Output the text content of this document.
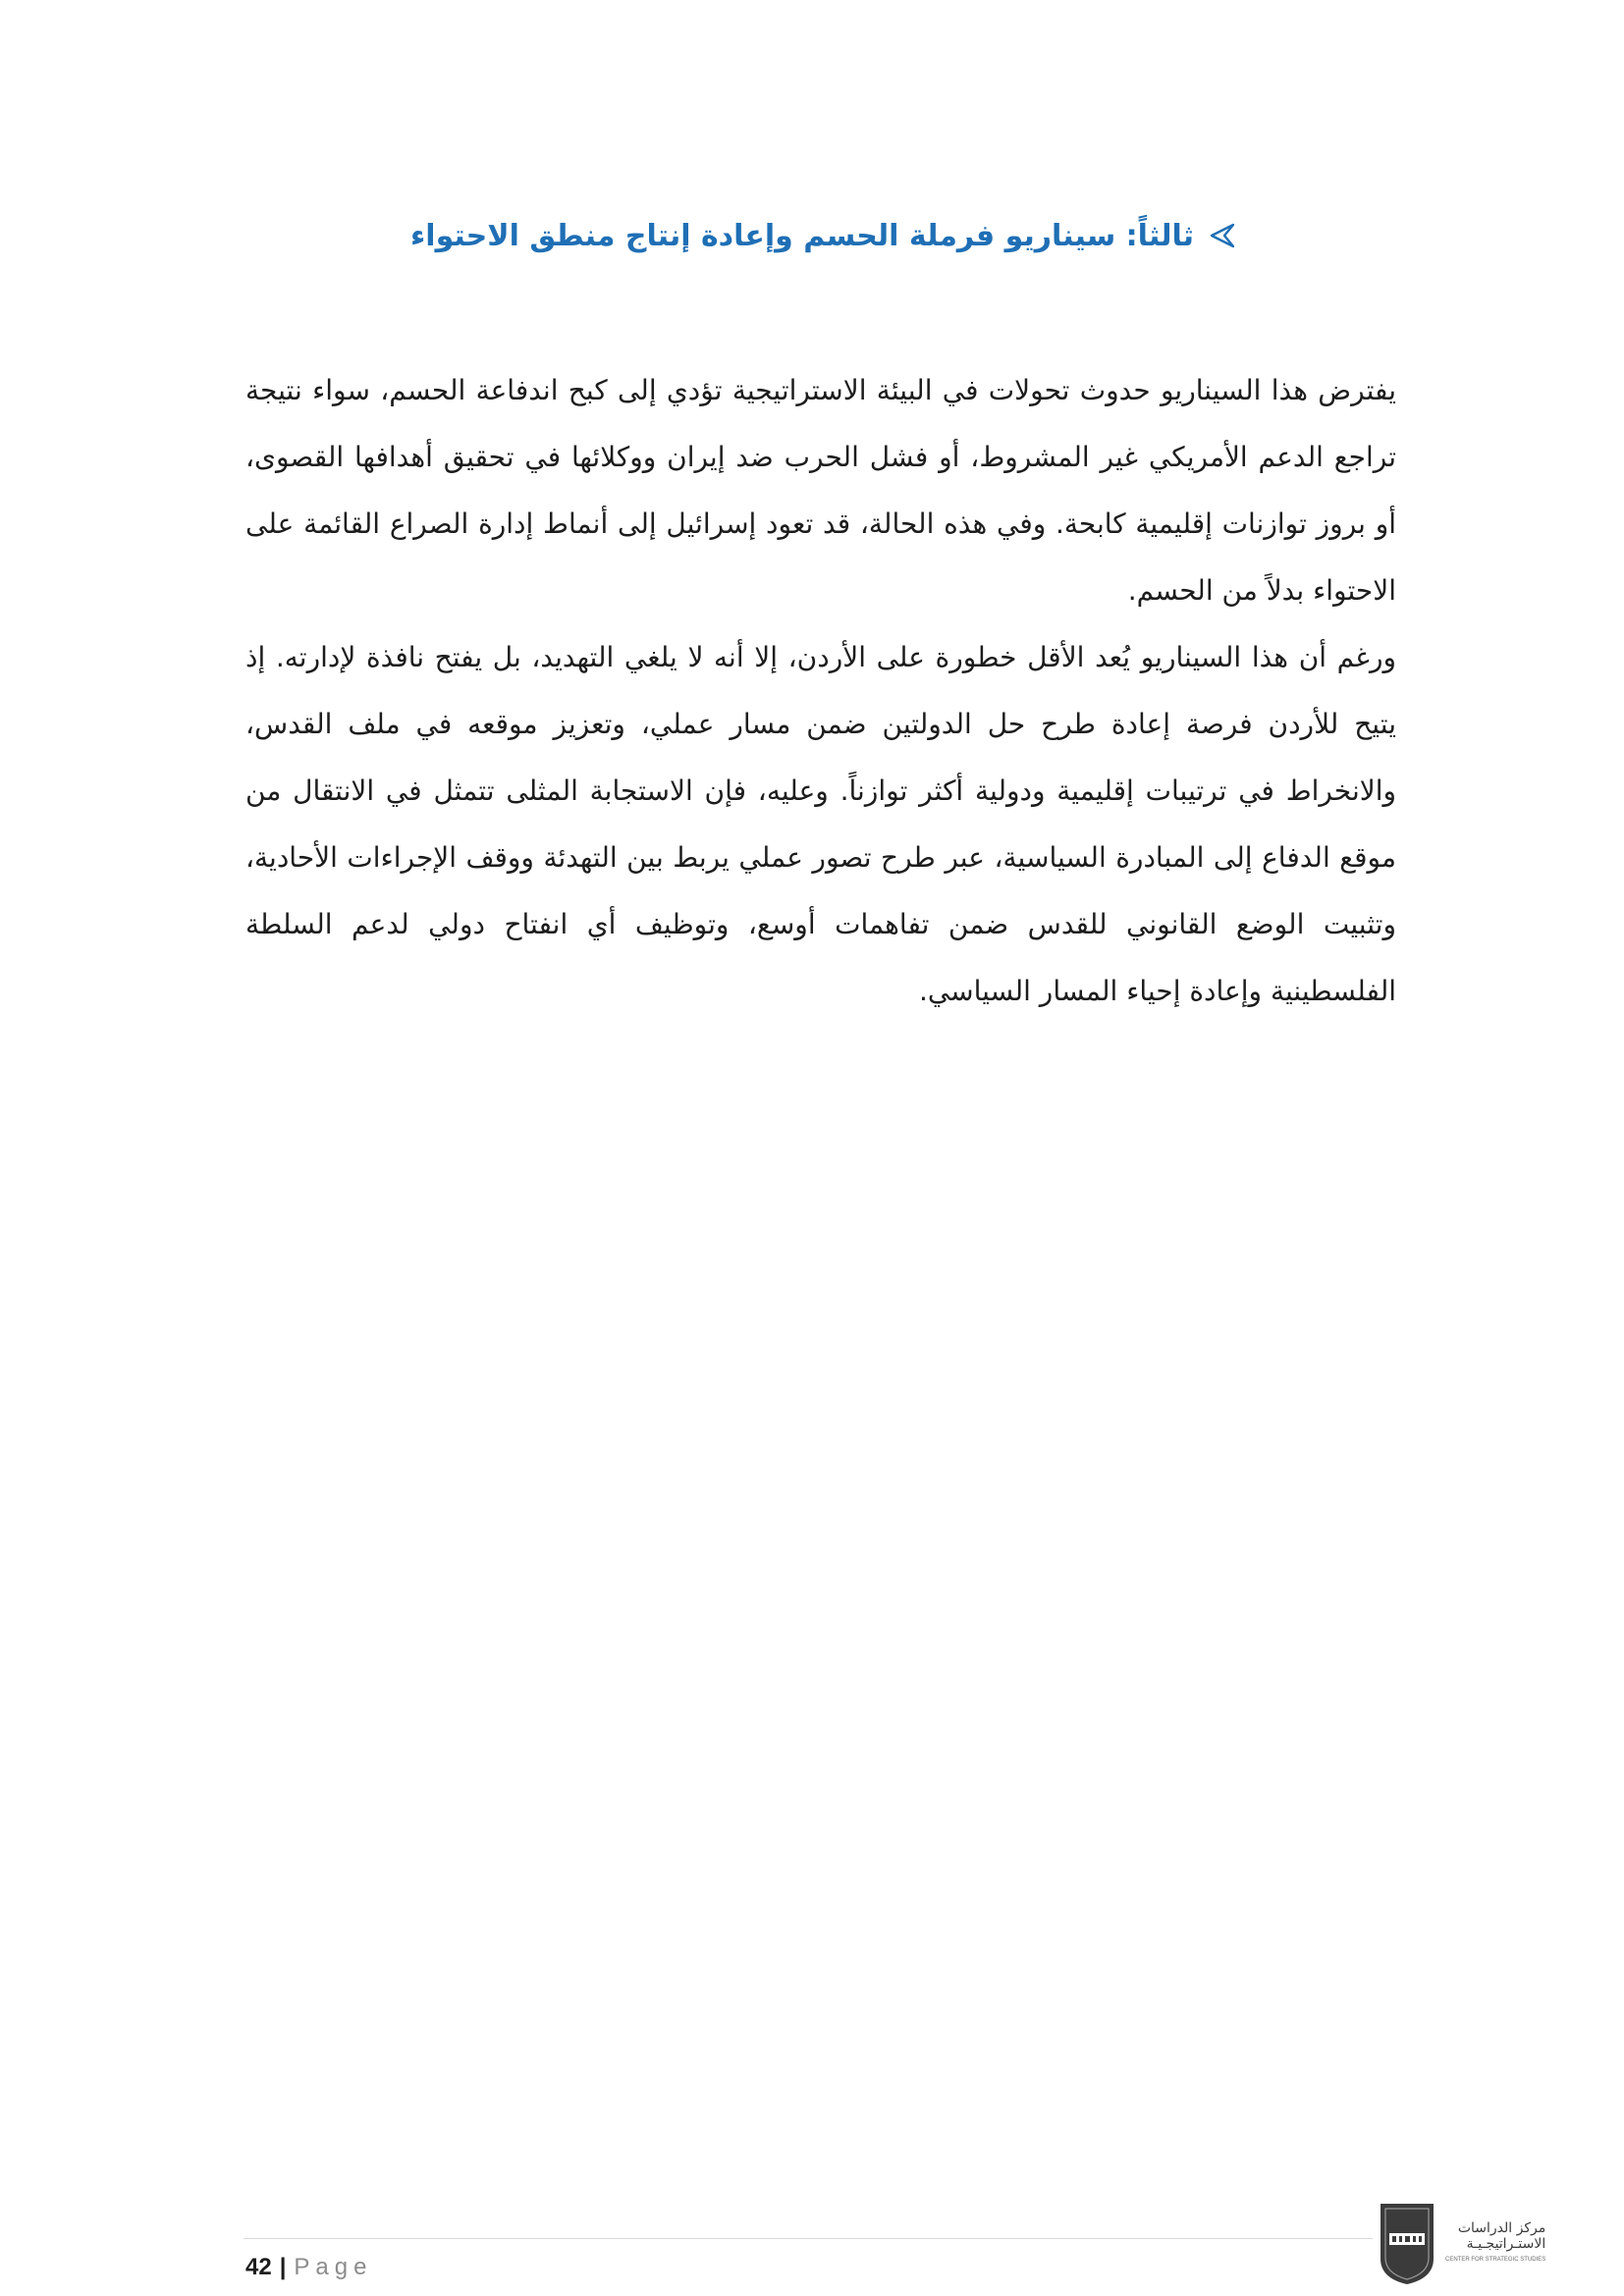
ثالثاً: سيناريو فرملة الحسم وإعادة إنتاج منطق الاحتواء

يفترض هذا السيناريو حدوث تحولات في البيئة الاستراتيجية تؤدي إلى كبح اندفاعة الحسم، سواء نتيجة تراجع الدعم الأمريكي غير المشروط، أو فشل الحرب ضد إيران ووكلائها في تحقيق أهدافها القصوى، أو بروز توازنات إقليمية كابحة. وفي هذه الحالة، قد تعود إسرائيل إلى أنماط إدارة الصراع القائمة على الاحتواء بدلاً من الحسم.

ورغم أن هذا السيناريو يُعد الأقل خطورة على الأردن، إلا أنه لا يلغي التهديد، بل يفتح نافذة لإدارته. إذ يتيح للأردن فرصة إعادة طرح حل الدولتين ضمن مسار عملي، وتعزيز موقعه في ملف القدس، والانخراط في ترتيبات إقليمية ودولية أكثر توازناً. وعليه، فإن الاستجابة المثلى تتمثل في الانتقال من موقع الدفاع إلى المبادرة السياسية، عبر طرح تصور عملي يربط بين التهدئة ووقف الإجراءات الأحادية، وتثبيت الوضع القانوني للقدس ضمن تفاهمات أوسع، وتوظيف أي انفتاح دولي لدعم السلطة الفلسطينية وإعادة إحياء المسار السياسي.

42 | Page
مركز الدراسات
الاستـراتيجـيـة
CENTER FOR STRATEGIC STUDIES
